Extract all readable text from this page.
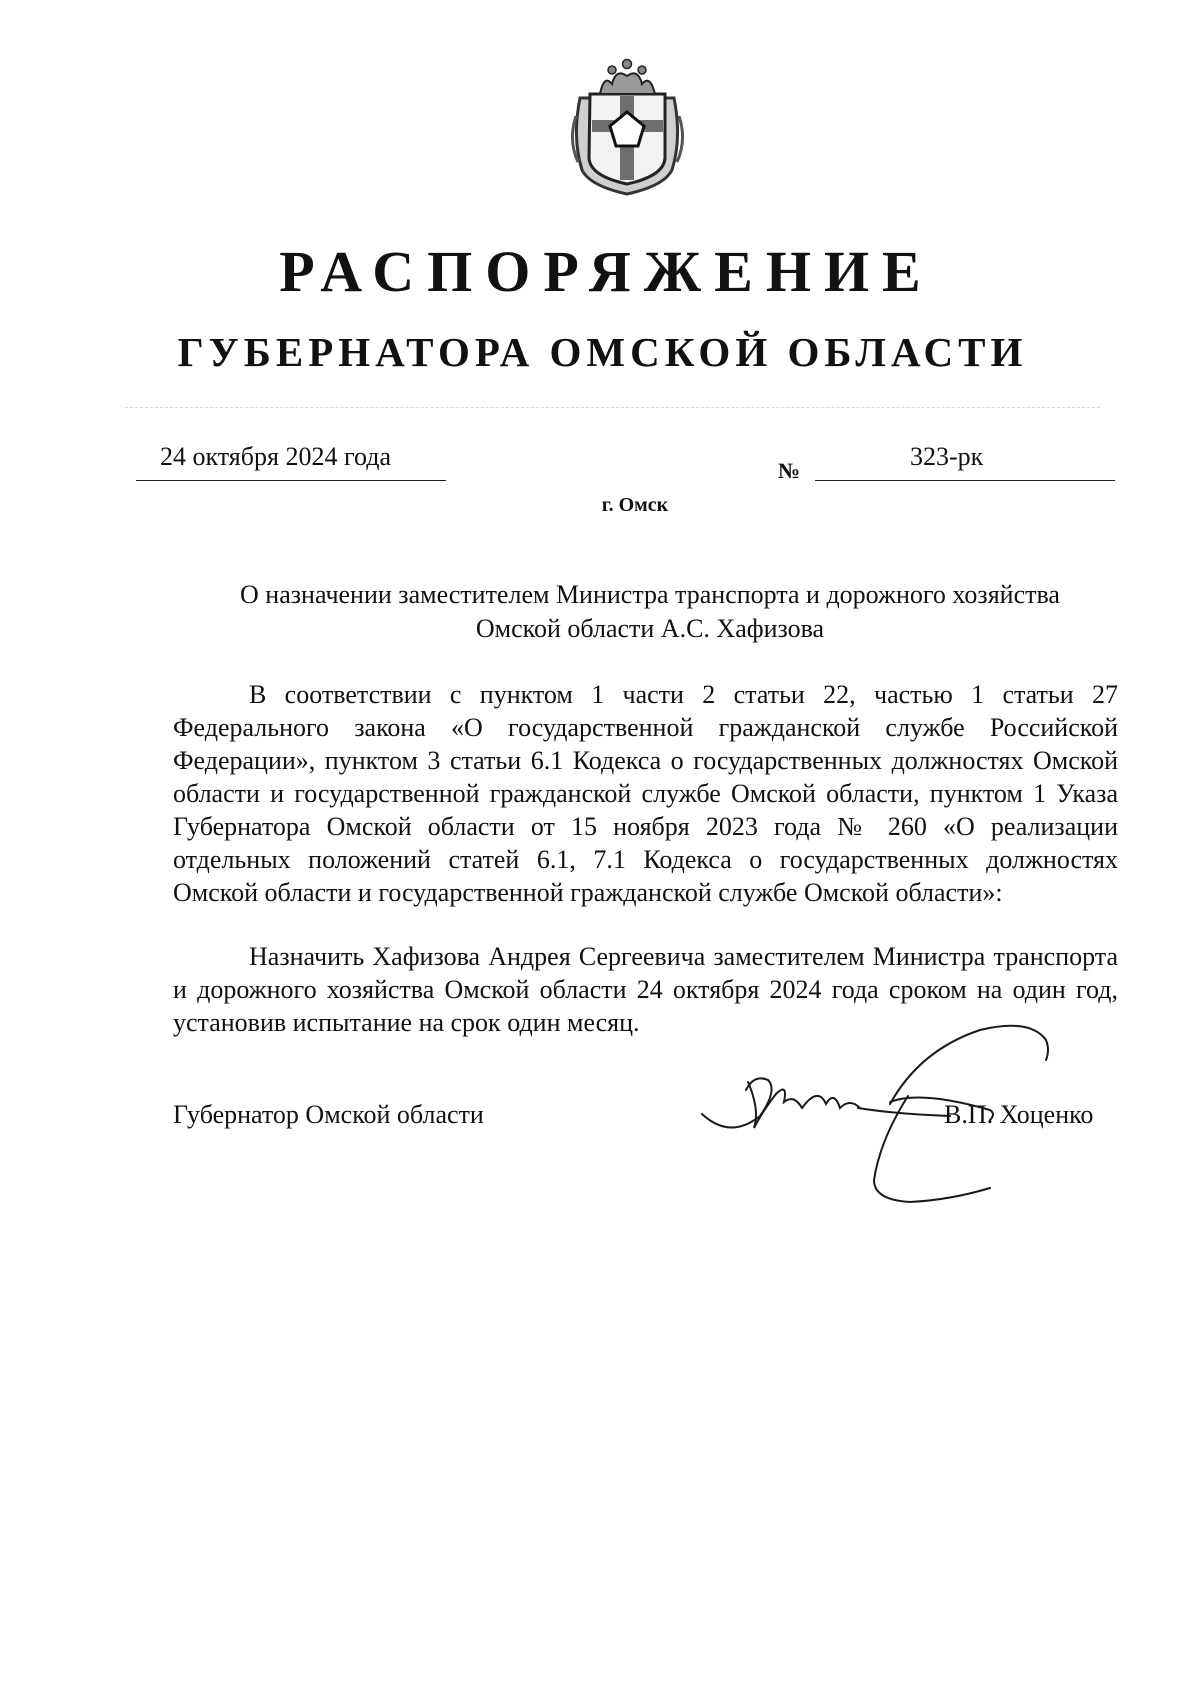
РАСПОРЯЖЕНИЕ
ГУБЕРНАТОРА ОМСКОЙ ОБЛАСТИ
24 октября 2024 года	№	323-рк
г. Омск
О назначении заместителем Министра транспорта и дорожного хозяйства Омской области А.С. Хафизова
В соответствии с пунктом 1 части 2 статьи 22, частью 1 статьи 27 Федерального закона «О государственной гражданской службе Российской Федерации», пунктом 3 статьи 6.1 Кодекса о государственных должностях Омской области и государственной гражданской службе Омской области, пунктом 1 Указа Губернатора Омской области от 15 ноября 2023 года № 260 «О реализации отдельных положений статей 6.1, 7.1 Кодекса о государственных должностях Омской области и государственной гражданской службе Омской области»:
Назначить Хафизова Андрея Сергеевича заместителем Министра транспорта и дорожного хозяйства Омской области 24 октября 2024 года сроком на один год, установив испытание на срок один месяц.
Губернатор Омской области	В.П. Хоценко
